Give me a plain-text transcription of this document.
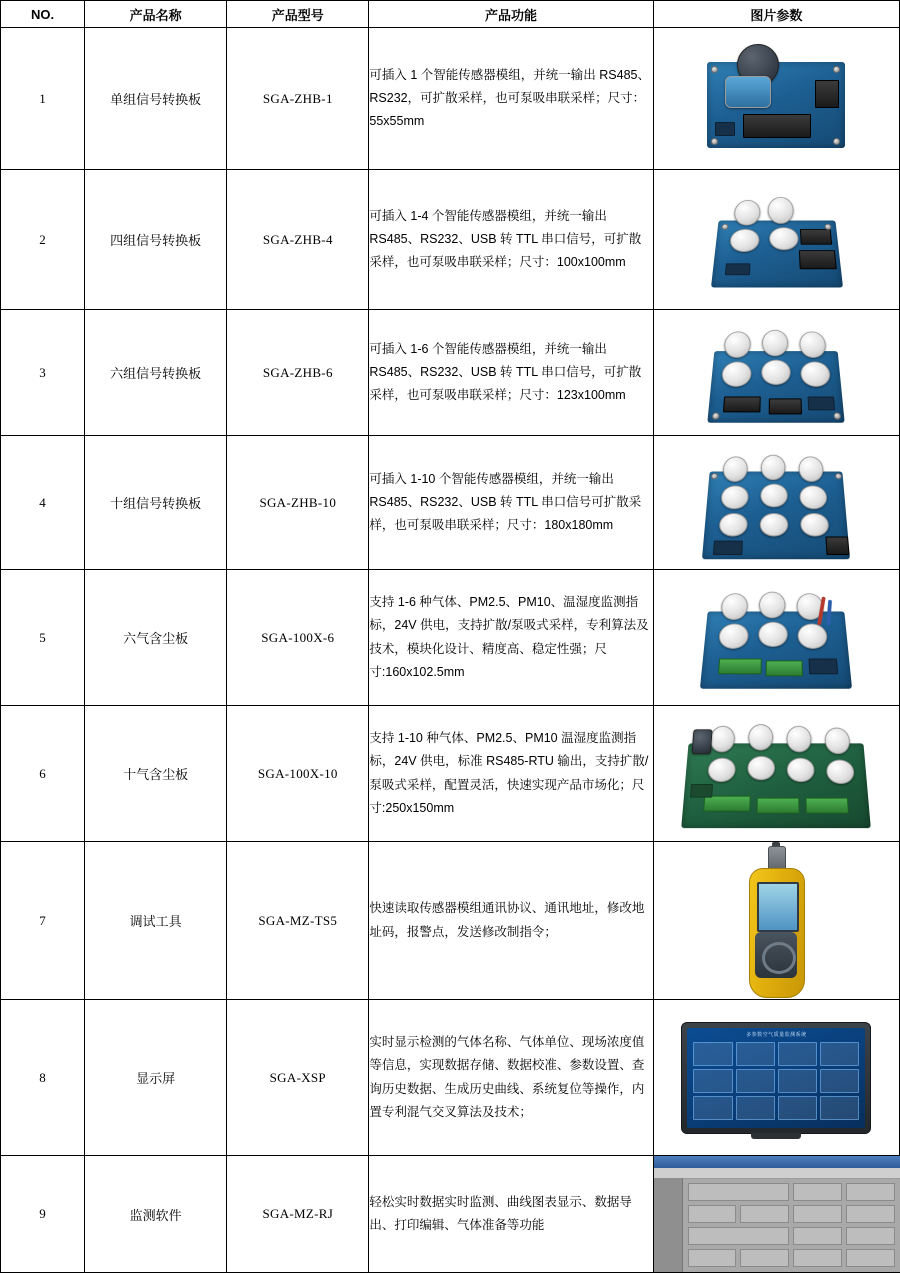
NO.	产品名称	产品型号	产品功能	图片参数
1	单组信号转换板	SGA-ZHB-1	可插入 1 个智能传感器模组，并统一输出 RS485、RS232，可扩散采样，也可泵吸串联采样；尺寸：55x55mm	

2	四组信号转换板	SGA-ZHB-4	可插入 1-4 个智能传感器模组，并统一输出 RS485、RS232、USB 转 TTL 串口信号，可扩散采样，也可泵吸串联采样；尺寸：100x100mm	

3	六组信号转换板	SGA-ZHB-6	可插入 1-6 个智能传感器模组，并统一输出 RS485、RS232、USB 转 TTL 串口信号，可扩散采样，也可泵吸串联采样；尺寸：123x100mm	

4	十组信号转换板	SGA-ZHB-10	可插入 1-10 个智能传感器模组，并统一输出 RS485、RS232、USB 转 TTL 串口信号可扩散采样，也可泵吸串联采样；尺寸：180x180mm	

5	六气含尘板	SGA-100X-6	支持 1-6 种气体、PM2.5、PM10、温湿度监测指标，24V 供电，支持扩散/泵吸式采样，专利算法及技术，模块化设计、精度高、稳定性强；尺寸:160x102.5mm	

6	十气含尘板	SGA-100X-10	支持 1-10 种气体、PM2.5、PM10 温湿度监测指标，24V 供电，标准 RS485-RTU 输出，支持扩散/泵吸式采样，配置灵活，快速实现产品市场化；尺寸:250x150mm	

7	调试工具	SGA-MZ-TS5	快速读取传感器模组通讯协议、通讯地址，修改地址码，报警点，发送修改制指令；	

8	显示屏	SGA-XSP	实时显示检测的气体名称、气体单位、现场浓度值等信息，实现数据存储、数据校准、参数设置、查询历史数据、生成历史曲线、系统复位等操作，内置专利混气交叉算法及技术；	多参数空气质量监测系统

9	监测软件	SGA-MZ-RJ	轻松实时数据实时监测、曲线图表显示、数据导出、打印编辑、气体准备等功能	
